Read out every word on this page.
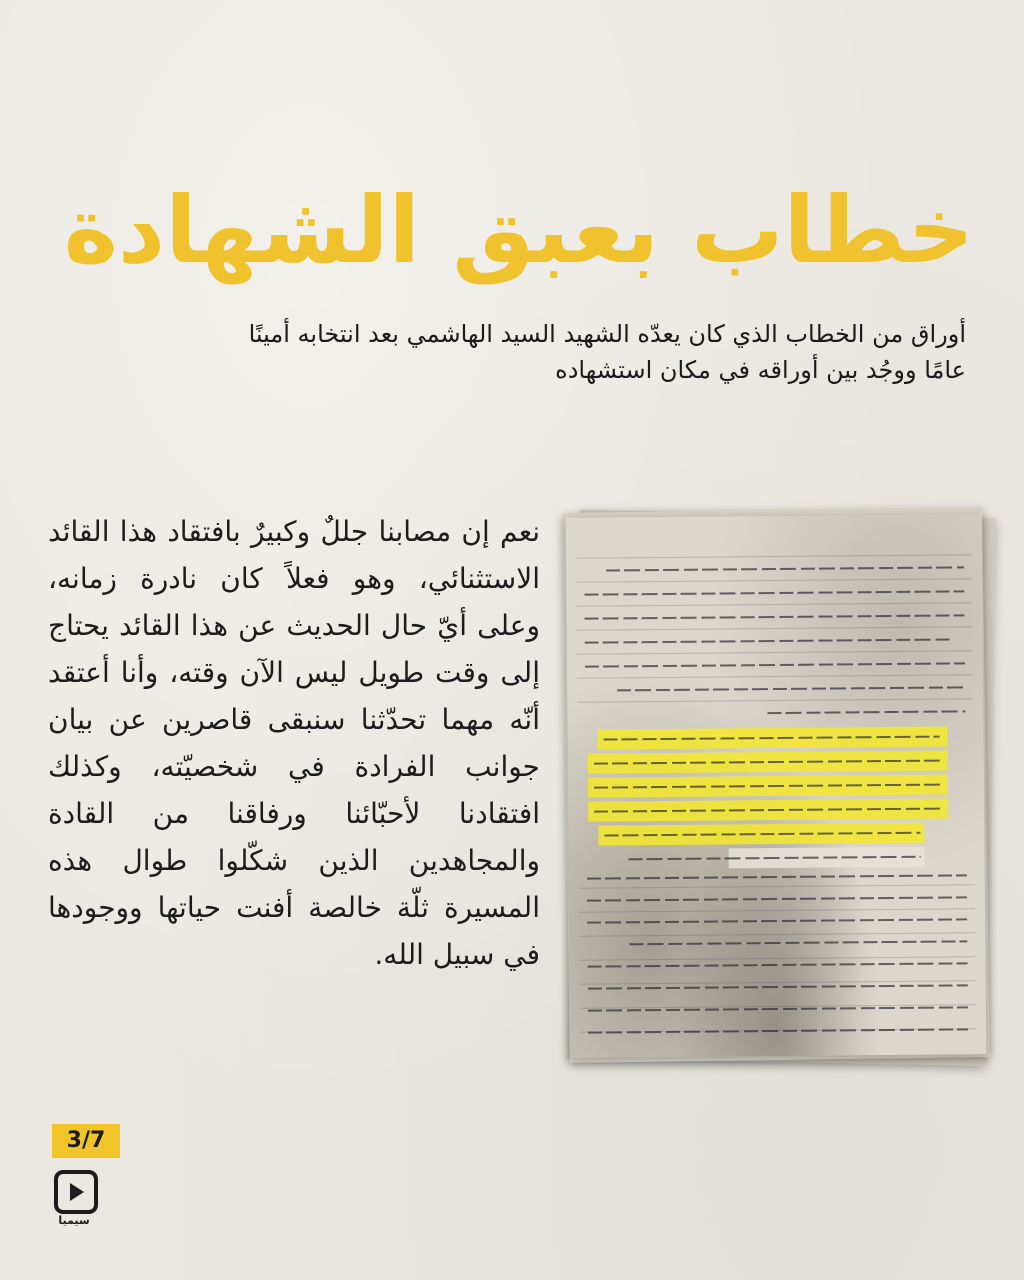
خطاب بعبق الشهادة

أوراق من الخطاب الذي كان يعدّه الشهيد السيد الهاشمي بعد انتخابه أمينًا عامًا ووجُد بين أوراقه في مكان استشهاده

نعم إن مصابنا جللٌ وكبيرٌ بافتقاد هذا القائد الاستثنائي، وهو فعلاً كان نادرة زمانه، وعلى أيّ حال الحديث عن هذا القائد يحتاج إلى وقت طويل ليس الآن وقته، وأنا أعتقد أنّه مهما تحدّثنا سنبقى قاصرين عن بيان جوانب الفرادة في شخصيّته، وكذلك افتقادنا لأحبّائنا ورفاقنا من القادة والمجاهدين الذين شكّلوا طوال هذه المسيرة ثلّة خالصة أفنت حياتها ووجودها في سبيل الله.

3/7
سيميا
